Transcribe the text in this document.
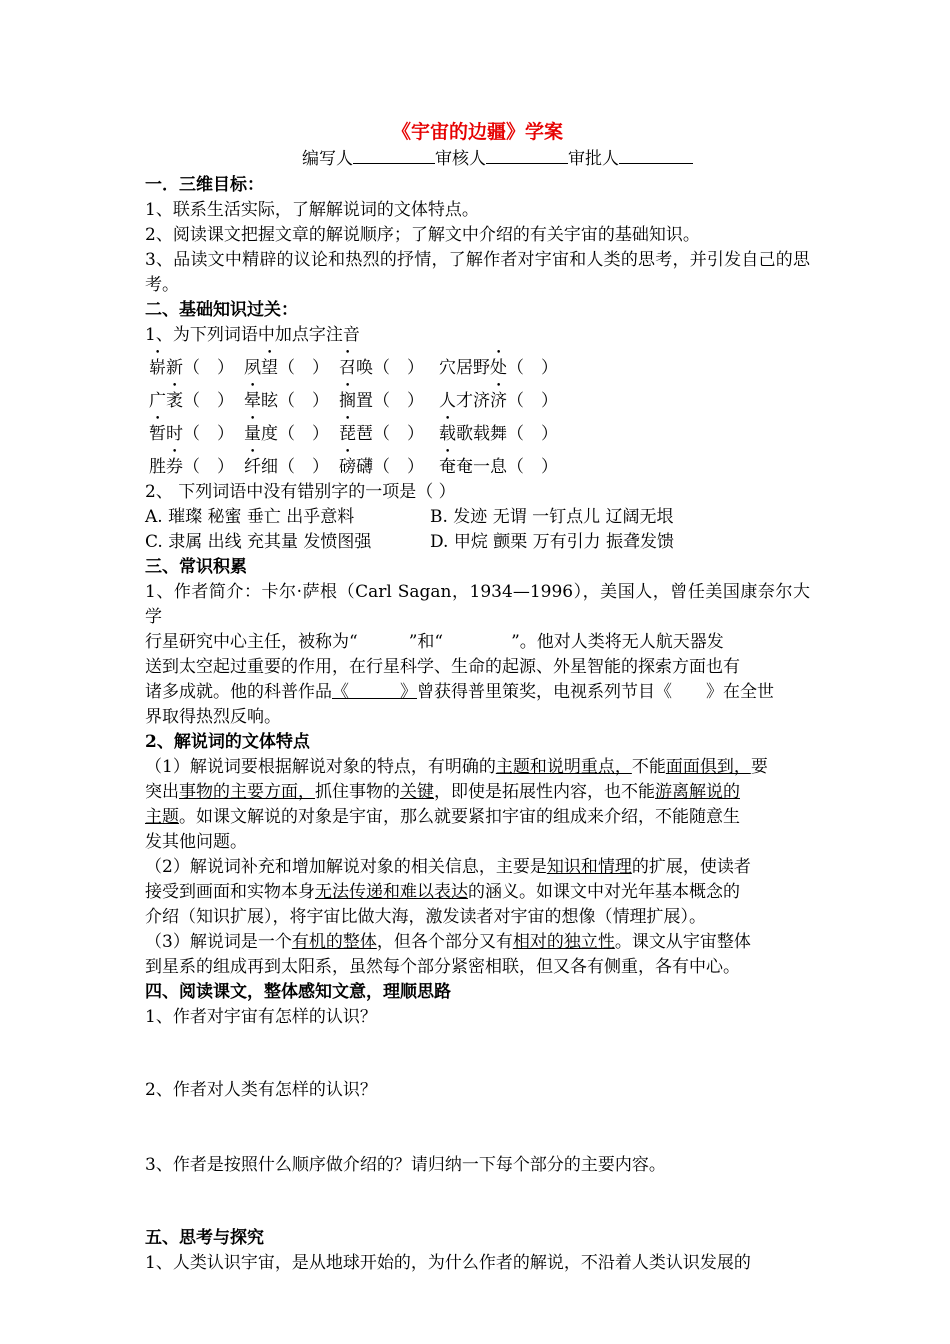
《宇宙的边疆》学案

编写人	审核人	审批人

一．三维目标：

1、联系生活实际，了解解说词的文体特点。

2、阅读课文把握文章的解说顺序；了解文中介绍的有关宇宙的基础知识。

3、品读文中精辟的议论和热烈的抒情，了解作者对宇宙和人类的思考，并引发自己的思考。

二、基础知识过关：

1、为下列词语中加点字注音

崭新（　） 夙望（　） 召唤（　） 穴居野处（　）
广袤（　） 晕眩（　） 搁置（　） 人才济济（　）
暂时（　） 量度（　） 琵琶（　） 载歌载舞（　）
胜券（　） 纤细（　） 磅礴（　） 奄奄一息（　）

2、 下列词语中没有错别字的一项是（ ）

A. 璀璨 秘蜜 垂亡 出乎意料	B. 发迹 无谓 一钉点儿 辽阔无垠
C. 隶属 出线 充其量 发愤图强	D. 甲烷 颤栗 万有引力 振聋发馈

三、常识积累

1、作者简介：卡尔·萨根（Carl Sagan，1934—1996），美国人，曾任美国康奈尔大学
行星研究中心主任，被称为“　　　”和“　　　　”。他对人类将无人航天器发
送到太空起过重要的作用，在行星科学、生命的起源、外星智能的探索方面也有
诸多成就。他的科普作品《　　　》曾获得普里策奖，电视系列节目《　　》在全世
界取得热烈反响。

2、解说词的文体特点

（1）解说词要根据解说对象的特点，有明确的主题和说明重点，不能面面俱到，要
突出事物的主要方面，抓住事物的关键，即使是拓展性内容，也不能游离解说的
主题。如课文解说的对象是宇宙，那么就要紧扣宇宙的组成来介绍，不能随意生
发其他问题。
（2）解说词补充和增加解说对象的相关信息，主要是知识和情理的扩展，使读者
接受到画面和实物本身无法传递和难以表达的涵义。如课文中对光年基本概念的
介绍（知识扩展），将宇宙比做大海，激发读者对宇宙的想像（情理扩展）。
（3）解说词是一个有机的整体，但各个部分又有相对的独立性。课文从宇宙整体
到星系的组成再到太阳系，虽然每个部分紧密相联，但又各有侧重，各有中心。

四、阅读课文，整体感知文意，理顺思路

1、作者对宇宙有怎样的认识？

2、作者对人类有怎样的认识？

3、作者是按照什么顺序做介绍的？请归纳一下每个部分的主要内容。

五、思考与探究

1、人类认识宇宙，是从地球开始的，为什么作者的解说，不沿着人类认识发展的
